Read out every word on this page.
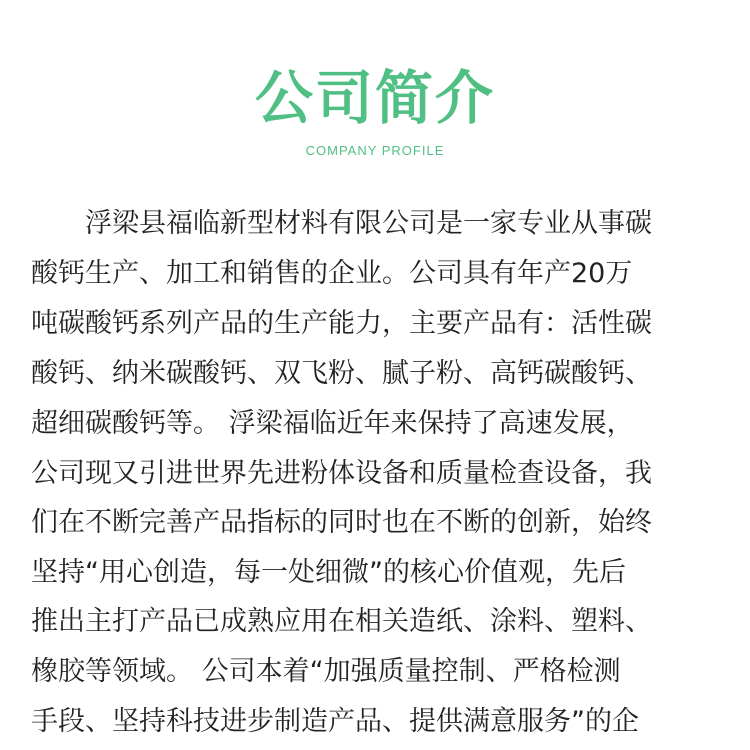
公司简介
COMPANY PROFILE
浮梁县福临新型材料有限公司是一家专业从事碳
酸钙生产、加工和销售的企业。公司具有年产20万
吨碳酸钙系列产品的生产能力，主要产品有：活性碳
酸钙、纳米碳酸钙、双飞粉、腻子粉、高钙碳酸钙、
超细碳酸钙等。 浮梁福临近年来保持了高速发展，
公司现又引进世界先进粉体设备和质量检查设备，我
们在不断完善产品指标的同时也在不断的创新，始终
坚持“用心创造，每一处细微”的核心价值观，先后
推出主打产品已成熟应用在相关造纸、涂料、塑料、
橡胶等领域。 公司本着“加强质量控制、严格检测
手段、坚持科技进步制造产品、提供满意服务”的企
